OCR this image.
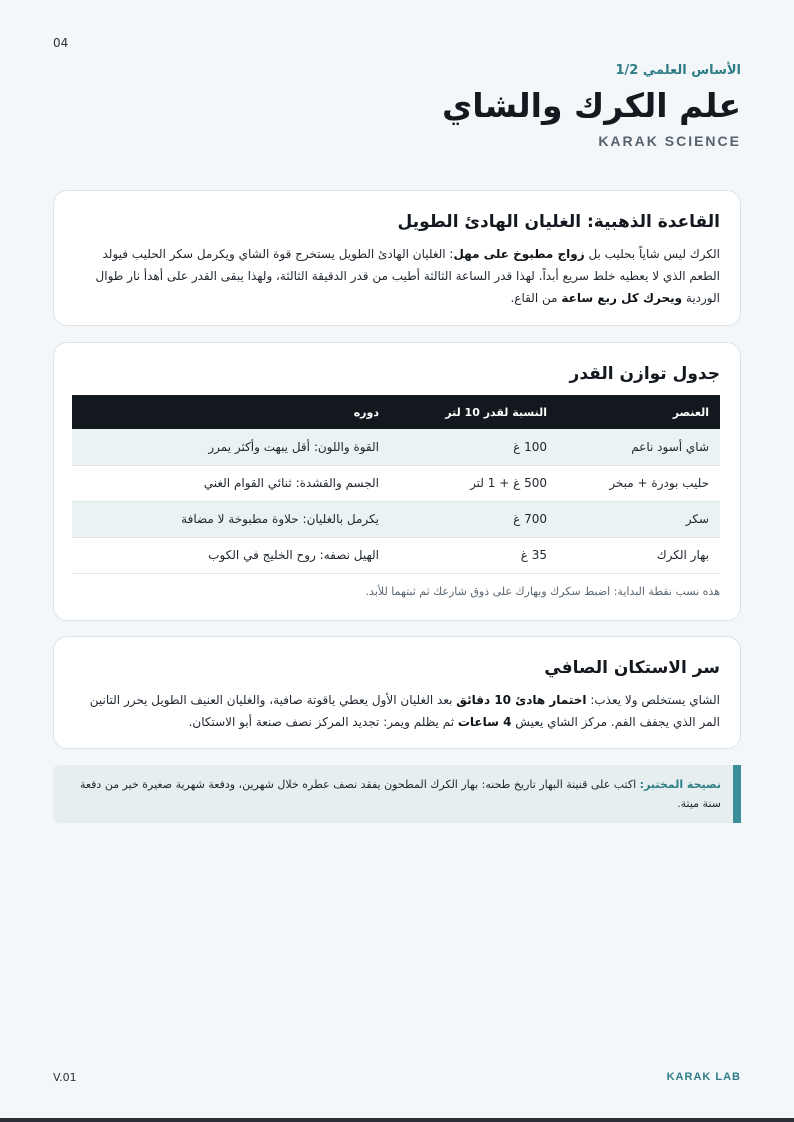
04
الأساس العلمي 1/2
علم الكرك والشاي
KARAK SCIENCE
القاعدة الذهبية: الغليان الهادئ الطويل

الكرك ليس شاياً بحليب بل زواج مطبوخ على مهل: الغليان الهادئ الطويل يستخرج قوة الشاي ويكرمل سكر الحليب فيولد الطعم الذي لا يعطيه خلط سريع أبداً. لهذا قدر الساعة الثالثة أطيب من قدر الدقيقة الثالثة، ولهذا يبقى القدر على أهدأ نار طوال الوردية ويحرك كل ربع ساعة من القاع.

جدول توازن القدر
العنصر	النسبة لقدر 10 لتر	دوره
شاي أسود ناعم	100 غ	القوة واللون: أقل يبهت وأكثر يمرر
حليب بودرة + مبخر	500 غ + 1 لتر	الجسم والقشدة: ثنائي القوام الغني
سكر	700 غ	يكرمل بالغليان: حلاوة مطبوخة لا مضافة
بهار الكرك	35 غ	الهيل نصفه: روح الخليج في الكوب
هذه نسب نقطة البداية: اضبط سكرك وبهارك على ذوق شارعك ثم ثبتهما للأبد.
سر الاستكان الصافي

الشاي يستخلص ولا يعذب: اختمار هادئ 10 دقائق بعد الغليان الأول يعطي ياقوتة صافية، والغليان العنيف الطويل يحرر التانين المر الذي يجفف الفم. مركز الشاي يعيش 4 ساعات ثم يظلم ويمر: تجديد المركز نصف صنعة أبو الاستكان.

نصيحة المختبر: اكتب على قنينة البهار تاريخ طحنه: بهار الكرك المطحون يفقد نصف عطره خلال شهرين، ودفعة شهرية صغيرة خير من دفعة سنة ميتة.
V.01	KARAK LAB
